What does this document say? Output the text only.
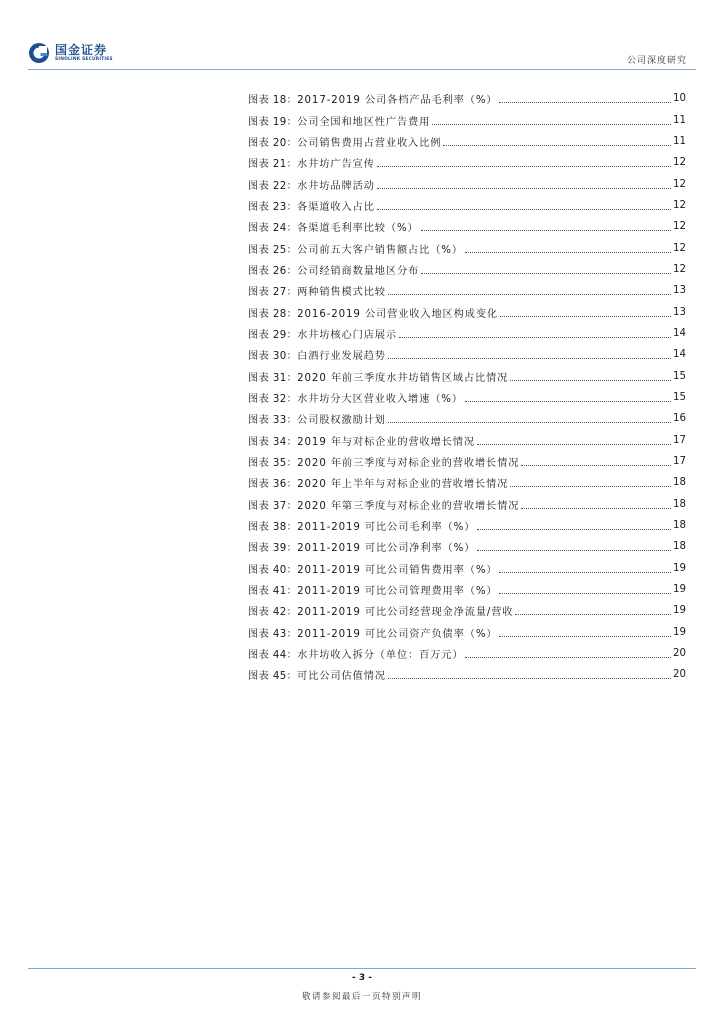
国金证券
SINOLINK SECURITIES	公司深度研究
图表 18： 2017-2019 公司各档产品毛利率（%）	10
图表 19： 公司全国和地区性广告费用	11
图表 20： 公司销售费用占营业收入比例	11
图表 21： 水井坊广告宣传	12
图表 22： 水井坊品牌活动	12
图表 23： 各渠道收入占比	12
图表 24： 各渠道毛利率比较（%）	12
图表 25： 公司前五大客户销售额占比（%）	12
图表 26： 公司经销商数量地区分布	12
图表 27： 两种销售模式比较	13
图表 28： 2016-2019 公司营业收入地区构成变化	13
图表 29： 水井坊核心门店展示	14
图表 30： 白酒行业发展趋势	14
图表 31： 2020 年前三季度水井坊销售区域占比情况	15
图表 32： 水井坊分大区营业收入增速（%）	15
图表 33： 公司股权激励计划	16
图表 34： 2019 年与对标企业的营收增长情况	17
图表 35： 2020 年前三季度与对标企业的营收增长情况	17
图表 36： 2020 年上半年与对标企业的营收增长情况	18
图表 37： 2020 年第三季度与对标企业的营收增长情况	18
图表 38： 2011-2019 可比公司毛利率（%）	18
图表 39： 2011-2019 可比公司净利率（%）	18
图表 40： 2011-2019 可比公司销售费用率（%）	19
图表 41： 2011-2019 可比公司管理费用率（%）	19
图表 42： 2011-2019 可比公司经营现金净流量/营收	19
图表 43： 2011-2019 可比公司资产负债率（%）	19
图表 44： 水井坊收入拆分（单位：百万元）	20
图表 45： 可比公司估值情况	20
- 3 -
敬请参阅最后一页特别声明
